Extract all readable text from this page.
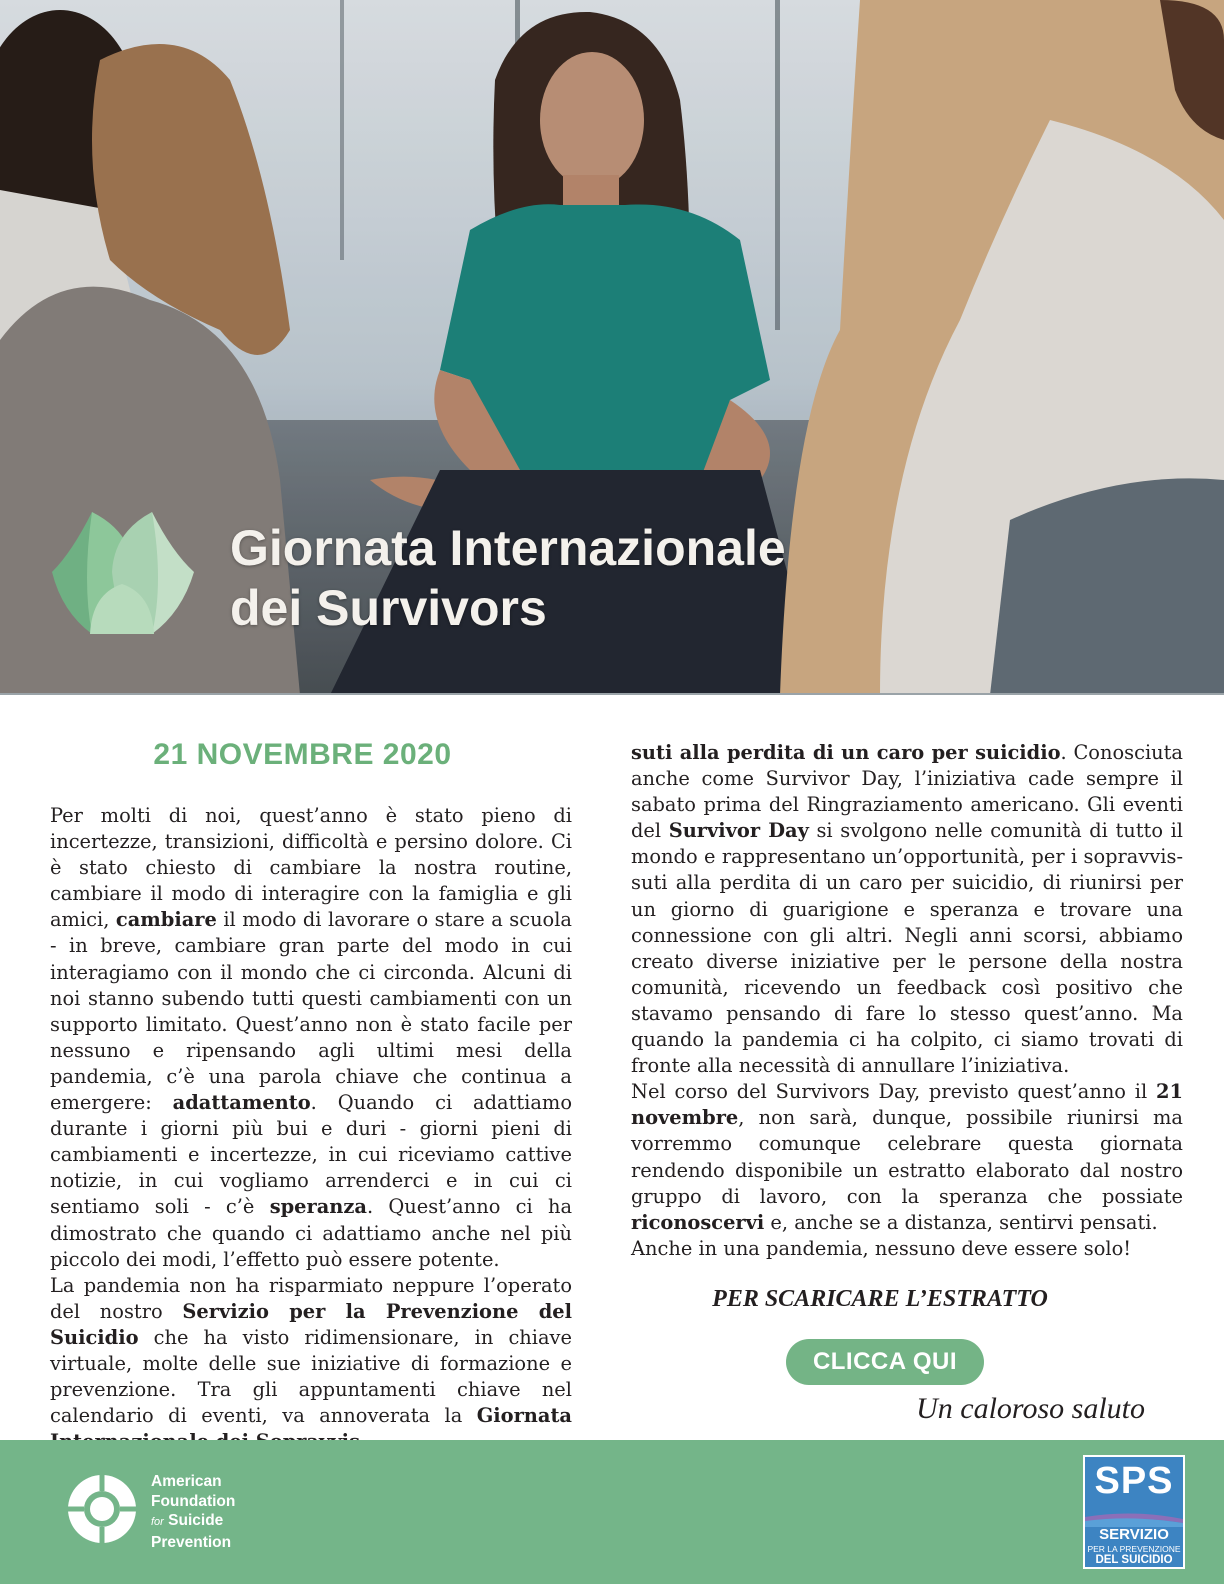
Giornata Internazionale
dei Survivors
21 NOVEMBRE 2020

Per molti di noi, quest’anno è stato pieno di incertezze, transizioni, difficoltà e persino dolore. Ci è stato chiesto di cambiare la nostra routine, cambiare il modo di interagire con la famiglia e gli amici, cambiare il modo di lavorare o stare a scuola - in breve, cambiare gran parte del modo in cui interagiamo con il mondo che ci circonda. Alcuni di noi stanno subendo tutti questi cambiamenti con un supporto limitato. Quest’anno non è stato facile per nessuno e ripensando agli ultimi mesi della pandemia, c’è una parola chiave che continua a emergere: adattamento. Quando ci adattiamo durante i giorni più bui e duri - giorni pieni di cambiamenti e incertezze, in cui riceviamo cattive notizie, in cui vogliamo arrenderci e in cui ci sentiamo soli - c’è speranza. Quest’anno ci ha dimostrato che quando ci adattiamo anche nel più piccolo dei modi, l’effetto può essere potente.

La pandemia non ha risparmiato neppure l’operato del nostro Servizio per la Prevenzione del Suicidio che ha visto ridimensionare, in chiave virtuale, molte delle sue iniziative di formazione e prevenzione. Tra gli appuntamenti chiave nel calendario di eventi, va annoverata la Giornata

suti alla perdita di un caro per suicidio. Conosciuta anche come Survivor Day, l’iniziativa cade sempre il sabato prima del Ringraziamento americano. Gli eventi del Survivor Day si svolgono nelle comunità di tutto il mondo e rappresentano un’opportunità, per i sopravvissuti alla perdita di un caro per suicidio, di riunirsi per un giorno di guarigione e speranza e trovare una connessione con gli altri. Negli anni scorsi, abbiamo creato diverse iniziative per le persone della nostra comunità, ricevendo un feedback così positivo che stavamo pensando di fare lo stesso quest’anno. Ma quando la pandemia ci ha colpito, ci siamo trovati di fronte alla necessità di annullare l’iniziativa.

Nel corso del Survivors Day, previsto quest’anno il 21 novembre, non sarà, dunque, possibile riunirsi ma vorremmo comunque celebrare questa giornata rendendo disponibile un estratto elaborato dal nostro gruppo di lavoro, con la speranza che possiate riconoscervi e, anche se a distanza, sentirvi pensati.

Anche in una pandemia, nessuno deve essere solo!

PER SCARICARE L’ESTRATTO
CLICCA QUI
Un caloroso saluto
American
Foundation
for Suicide
Prevention
SPS
SERVIZIO
PER LA PREVENZIONE
DEL SUICIDIO
